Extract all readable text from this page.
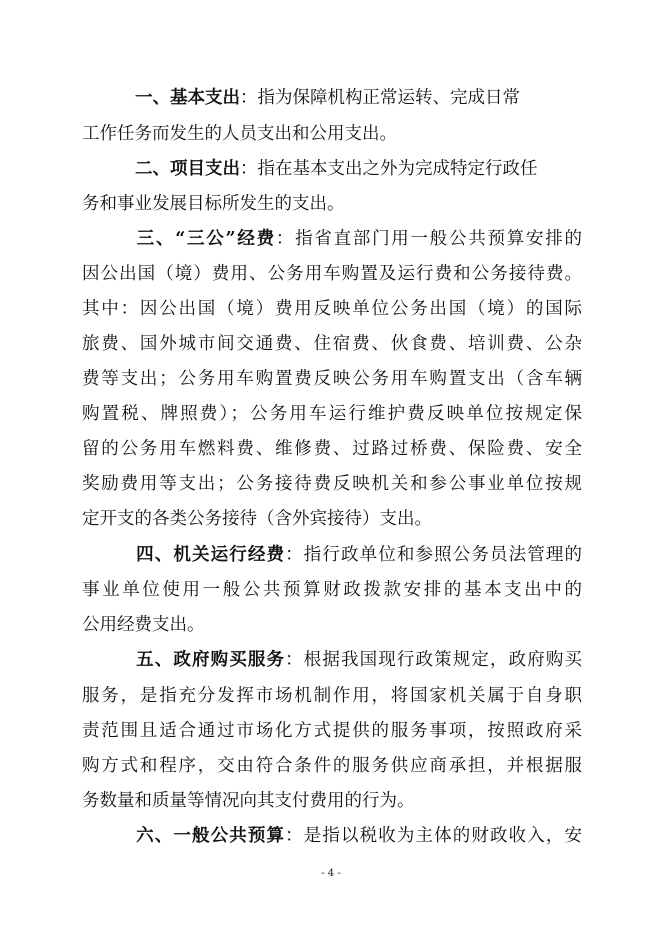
一、基本支出：指为保障机构正常运转、完成日常
工作任务而发生的人员支出和公用支出。
二、项目支出：指在基本支出之外为完成特定行政任
务和事业发展目标所发生的支出。
三、“三公”经费：指省直部门用一般公共预算安排的
因公出国（境）费用、公务用车购置及运行费和公务接待费。
其中：因公出国（境）费用反映单位公务出国（境）的国际
旅费、国外城市间交通费、住宿费、伙食费、培训费、公杂
费等支出；公务用车购置费反映公务用车购置支出（含车辆
购置税、牌照费）；公务用车运行维护费反映单位按规定保
留的公务用车燃料费、维修费、过路过桥费、保险费、安全
奖励费用等支出；公务接待费反映机关和参公事业单位按规
定开支的各类公务接待（含外宾接待）支出。
四、机关运行经费：指行政单位和参照公务员法管理的
事业单位使用一般公共预算财政拨款安排的基本支出中的
公用经费支出。
五、政府购买服务：根据我国现行政策规定，政府购买
服务，是指充分发挥市场机制作用，将国家机关属于自身职
责范围且适合通过市场化方式提供的服务事项，按照政府采
购方式和程序，交由符合条件的服务供应商承担，并根据服
务数量和质量等情况向其支付费用的行为。
六、一般公共预算：是指以税收为主体的财政收入，安
- 4 -
